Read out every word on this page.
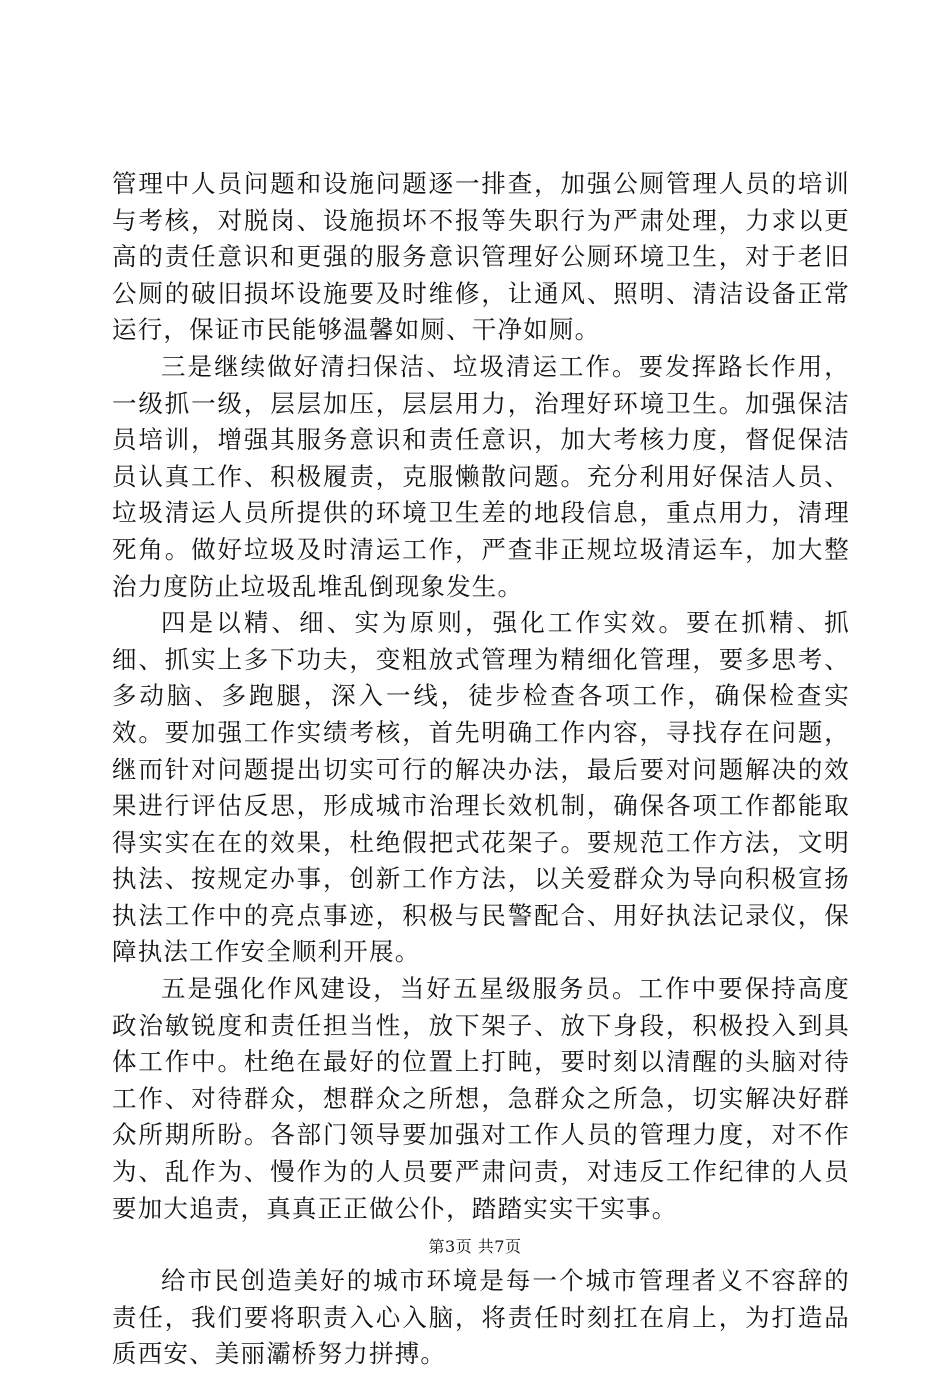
管理中人员问题和设施问题逐一排查，加强公厕管理人员的培训与考核，对脱岗、设施损坏不报等失职行为严肃处理，力求以更高的责任意识和更强的服务意识管理好公厕环境卫生，对于老旧公厕的破旧损坏设施要及时维修，让通风、照明、清洁设备正常运行，保证市民能够温馨如厕、干净如厕。

三是继续做好清扫保洁、垃圾清运工作。要发挥路长作用，一级抓一级，层层加压，层层用力，治理好环境卫生。加强保洁员培训，增强其服务意识和责任意识，加大考核力度，督促保洁员认真工作、积极履责，克服懒散问题。充分利用好保洁人员、垃圾清运人员所提供的环境卫生差的地段信息，重点用力，清理死角。做好垃圾及时清运工作，严查非正规垃圾清运车，加大整治力度防止垃圾乱堆乱倒现象发生。

四是以精、细、实为原则，强化工作实效。要在抓精、抓细、抓实上多下功夫，变粗放式管理为精细化管理，要多思考、多动脑、多跑腿，深入一线，徒步检查各项工作，确保检查实效。要加强工作实绩考核，首先明确工作内容，寻找存在问题，继而针对问题提出切实可行的解决办法，最后要对问题解决的效果进行评估反思，形成城市治理长效机制，确保各项工作都能取得实实在在的效果，杜绝假把式花架子。要规范工作方法，文明执法、按规定办事，创新工作方法，以关爱群众为导向积极宣扬执法工作中的亮点事迹，积极与民警配合、用好执法记录仪，保障执法工作安全顺利开展。

五是强化作风建设，当好五星级服务员。工作中要保持高度政治敏锐度和责任担当性，放下架子、放下身段，积极投入到具体工作中。杜绝在最好的位置上打盹，要时刻以清醒的头脑对待工作、对待群众，想群众之所想，急群众之所急，切实解决好群众所期所盼。各部门领导要加强对工作人员的管理力度，对不作为、乱作为、慢作为的人员要严肃问责，对违反工作纪律的人员要加大追责，真真正正做公仆，踏踏实实干实事。

给市民创造美好的城市环境是每一个城市管理者义不容辞的责任，我们要将职责入心入脑，将责任时刻扛在肩上，为打造品质西安、美丽灞桥努力拼搏。

第3页 共7页
